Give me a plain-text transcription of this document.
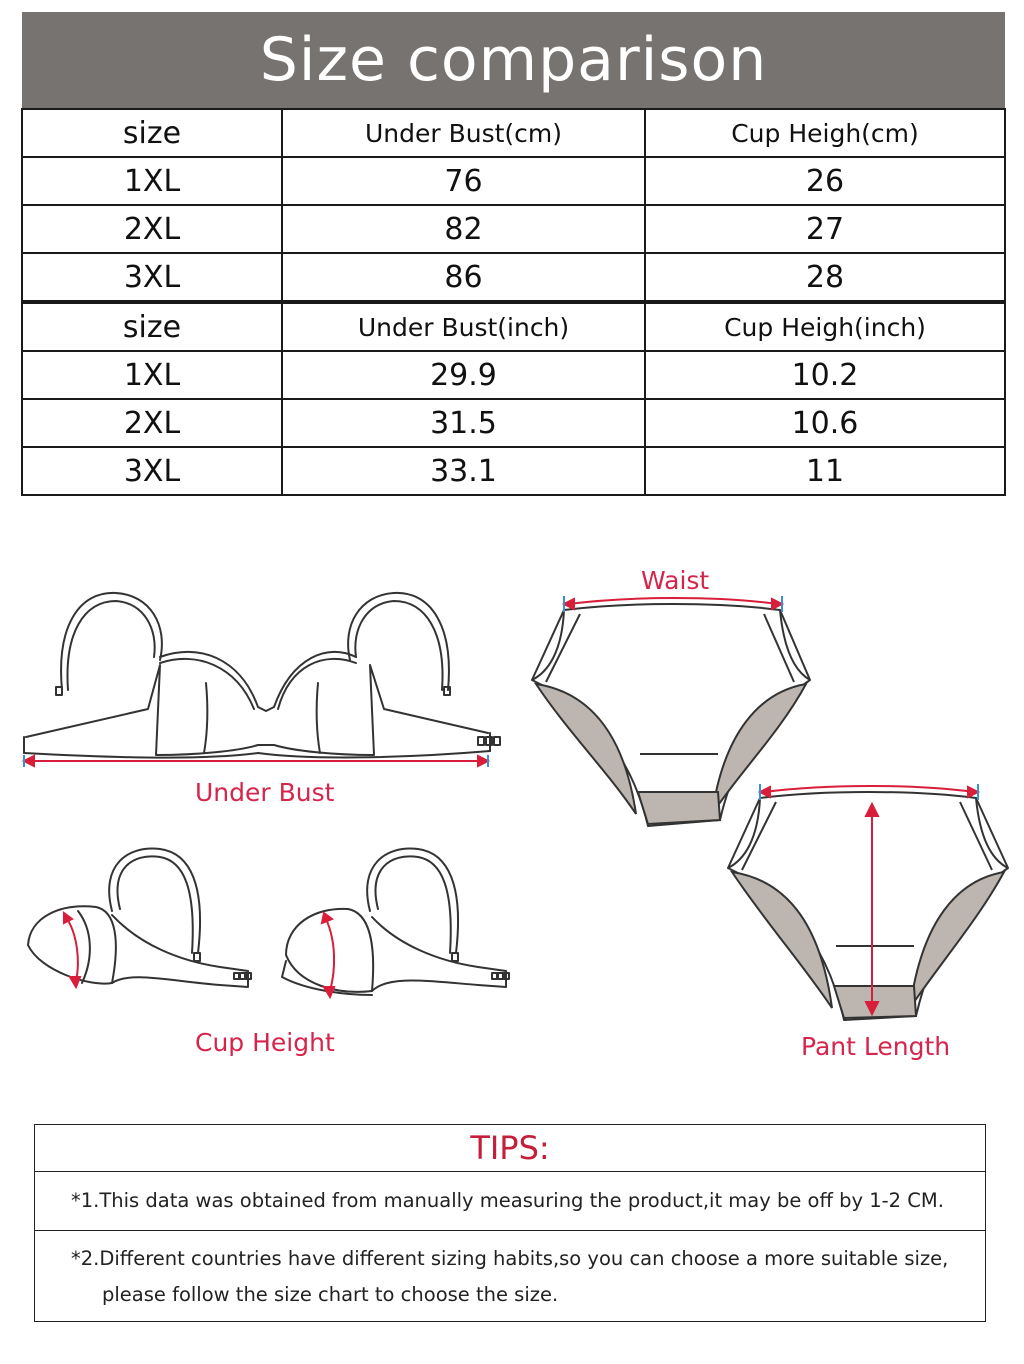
Size comparison
size	Under Bust(cm)	Cup Heigh(cm)
1XL	76	26
2XL	82	27
3XL	86	28
size	Under Bust(inch)	Cup Heigh(inch)
1XL	29.9	10.2
2XL	31.5	10.6
3XL	33.1	11
Under Bust
Cup Height
Waist
Pant Length
TIPS:
*1.This data was obtained from manually measuring the product,it may be off by 1-2 CM.
*2.Different countries have different sizing habits,so you can choose a more suitable size,
please follow the size chart to choose the size.
